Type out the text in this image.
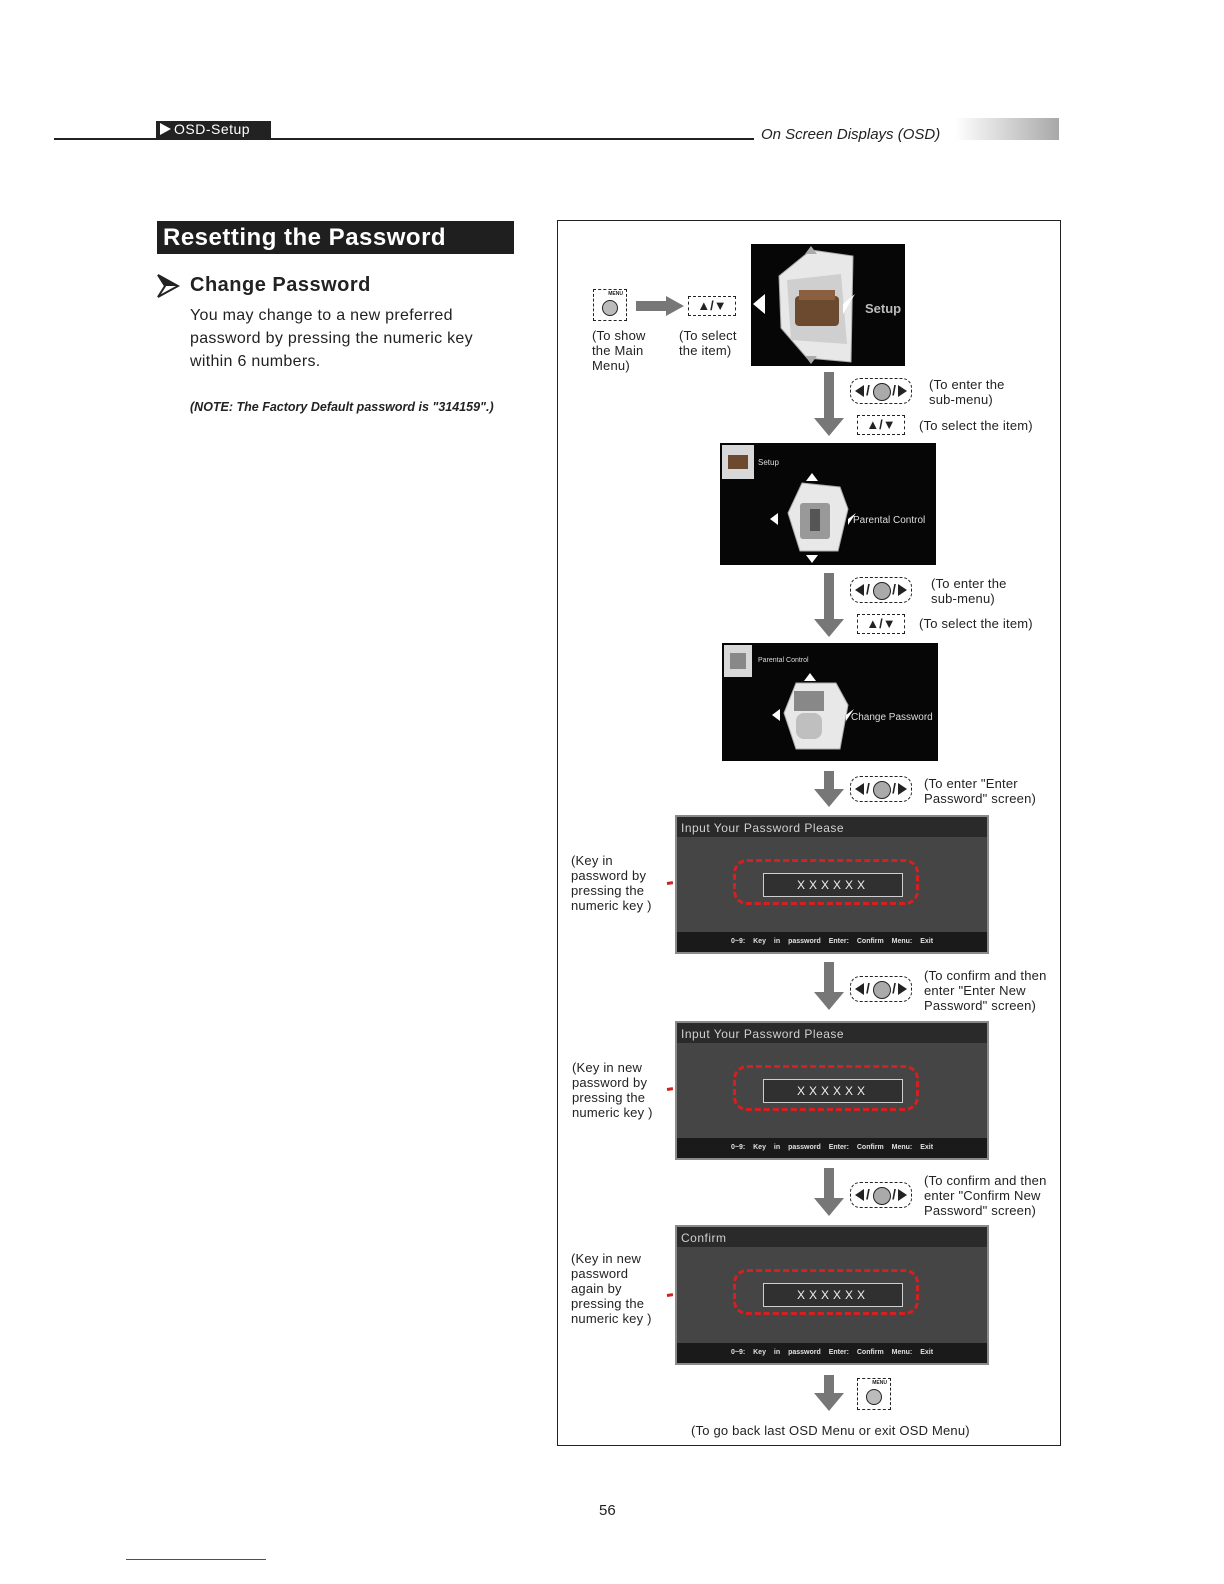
OSD-Setup	On Screen Displays (OSD)
Resetting the Password
Change Password
You may change to a new preferred password by pressing the numeric key within 6 numbers.
(NOTE: The Factory Default password is "314159".)
MENU
▲/▼
(To show
the Main
Menu)
(To select
the item)
Setup
/ /	(To enter the
sub-menu)
▲/▼	(To select the item)
Setup
Parental Control
/ /	(To enter the
sub-menu)
▲/▼	(To select the item)
Parental Control
Change Password
/ / (To enter "Enter
Password" screen)
(Key in
password by
pressing the
numeric key )
Input Your Password Please
XXXXXX
0~9: Key in password Enter: Confirm Menu: Exit
/ /
(To confirm and then
enter "Enter New
Password" screen)
(Key in new
password by
pressing the
numeric key )
Input Your Password Please
XXXXXX
0~9: Key in password Enter: Confirm Menu: Exit
/ /
(To confirm and then
enter "Confirm New
Password" screen)
(Key in new
password
again by
pressing the
numeric key )
Confirm
XXXXXX
0~9: Key in password Enter: Confirm Menu: Exit
MENU
(To go back last OSD Menu or exit OSD Menu)
56
